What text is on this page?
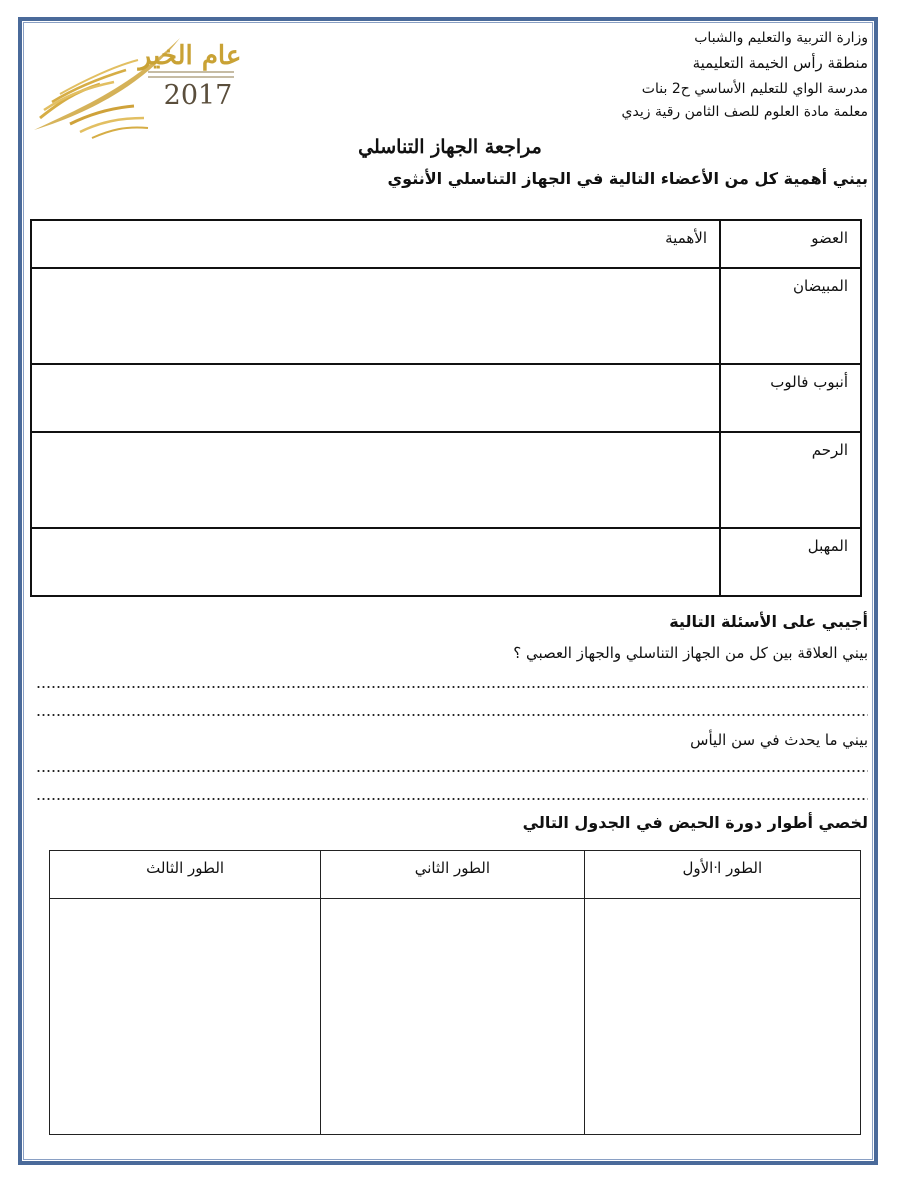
وزارة التربية والتعليم والشباب
منطقة رأس الخيمة التعليمية
مدرسة الواي للتعليم الأساسي ح2 بنات
معلمة مادة العلوم للصف الثامن رقية زيدي
عام الخير
2017
مراجعة الجهاز التناسلي
بيني أهمية كل من الأعضاء التالية في الجهاز التناسلي الأنثوي
العضو	الأهمية
المبيضان	
أنبوب فالوب	
الرحم	
المهبل	
أجيبي على الأسئلة التالية
بيني العلاقة بين كل من الجهاز التناسلي والجهاز العصبي ؟
بيني ما يحدث في سن اليأس
لخصي أطوار دورة الحيض في الجدول التالي
الطور اᐧالأول	الطور الثاني	الطور الثالث
